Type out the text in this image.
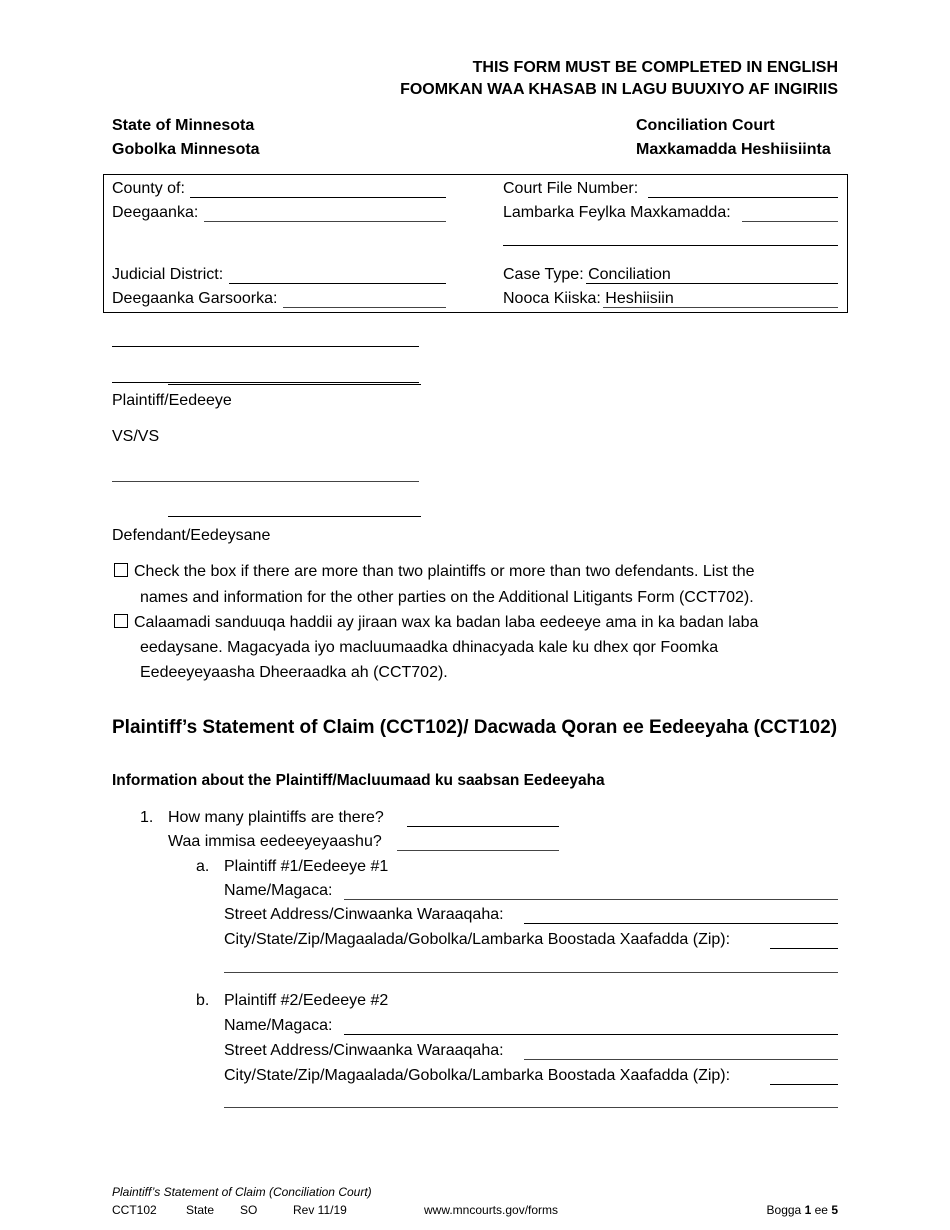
THIS FORM MUST BE COMPLETED IN ENGLISH
FOOMKAN WAA KHASAB IN LAGU BUUXIYO AF INGIRIIS
State of Minnesota
Gobolka Minnesota
Conciliation Court
Maxkamadda Heshiisiinta
County of:
Deegaanka:
Judicial District:
Deegaanka Garsoorka:
Court File Number:
Lambarka Feylka Maxkamadda:
Case Type: Conciliation
Nooca Kiiska: Heshiisiin
Plaintiff/Eedeeye
VS/VS
Defendant/Eedeysane
Check the box if there are more than two plaintiffs or more than two defendants. List the
names and information for the other parties on the Additional Litigants Form (CCT702).
Calaamadi sanduuqa haddii ay jiraan wax ka badan laba eedeeye ama in ka badan laba
eedaysane. Magacyada iyo macluumaadka dhinacyada kale ku dhex qor Foomka
Eedeeyeyaasha Dheeraadka ah (CCT702).
Plaintiff’s Statement of Claim (CCT102)/ Dacwada Qoran ee Eedeeyaha (CCT102)
Information about the Plaintiff/Macluumaad ku saabsan Eedeeyaha
1. How many plaintiffs are there?
Waa immisa eedeeyeyaashu?
a. Plaintiff #1/Eedeeye #1
Name/Magaca:
Street Address/Cinwaanka Waraaqaha:
City/State/Zip/Magaalada/Gobolka/Lambarka Boostada Xaafadda (Zip):
b. Plaintiff #2/Eedeeye #2
Name/Magaca:
Street Address/Cinwaanka Waraaqaha:
City/State/Zip/Magaalada/Gobolka/Lambarka Boostada Xaafadda (Zip):
Plaintiff’s Statement of Claim (Conciliation Court)
CCT102 State SO	Rev 11/19	www.mncourts.gov/forms	Bogga 1 ee 5
